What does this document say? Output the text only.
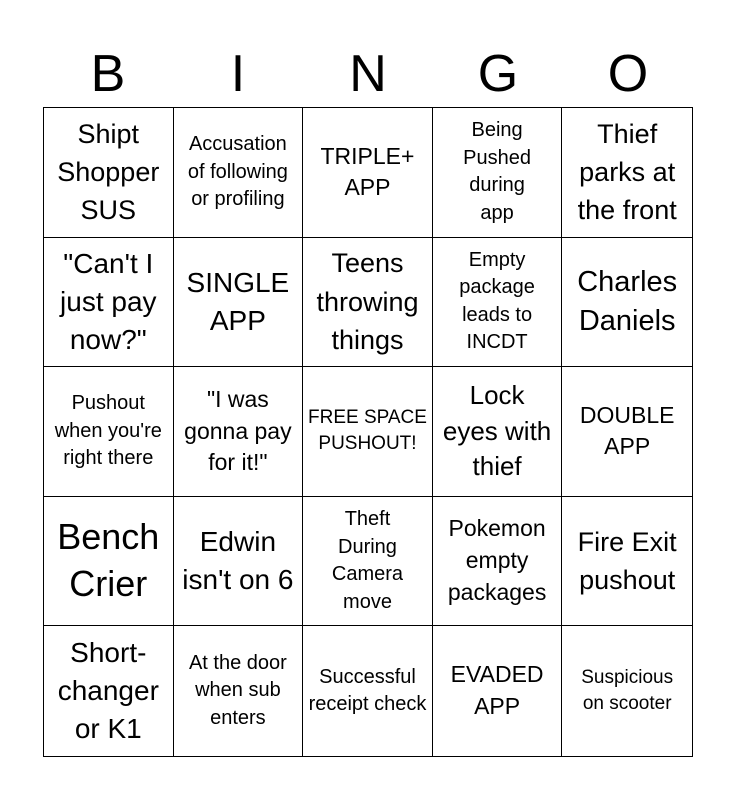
B	I	N	G	O
Shipt Shopper SUS
Accusation of following or profiling
TRIPLE+ APP
Being Pushed during app
Thief parks at the front
"Can't I just pay now?"
SINGLE APP
Teens throwing things
Empty package leads to INCDT
Charles Daniels
Pushout when you're right there
"I was gonna pay for it!"
FREE SPACE PUSHOUT!
Lock eyes with thief
DOUBLE APP
Bench Crier
Edwin isn't on 6
Theft During Camera move
Pokemon empty packages
Fire Exit pushout
Short-changer or K1
At the door when sub enters
Successful receipt check
EVADED APP
Suspicious on scooter
